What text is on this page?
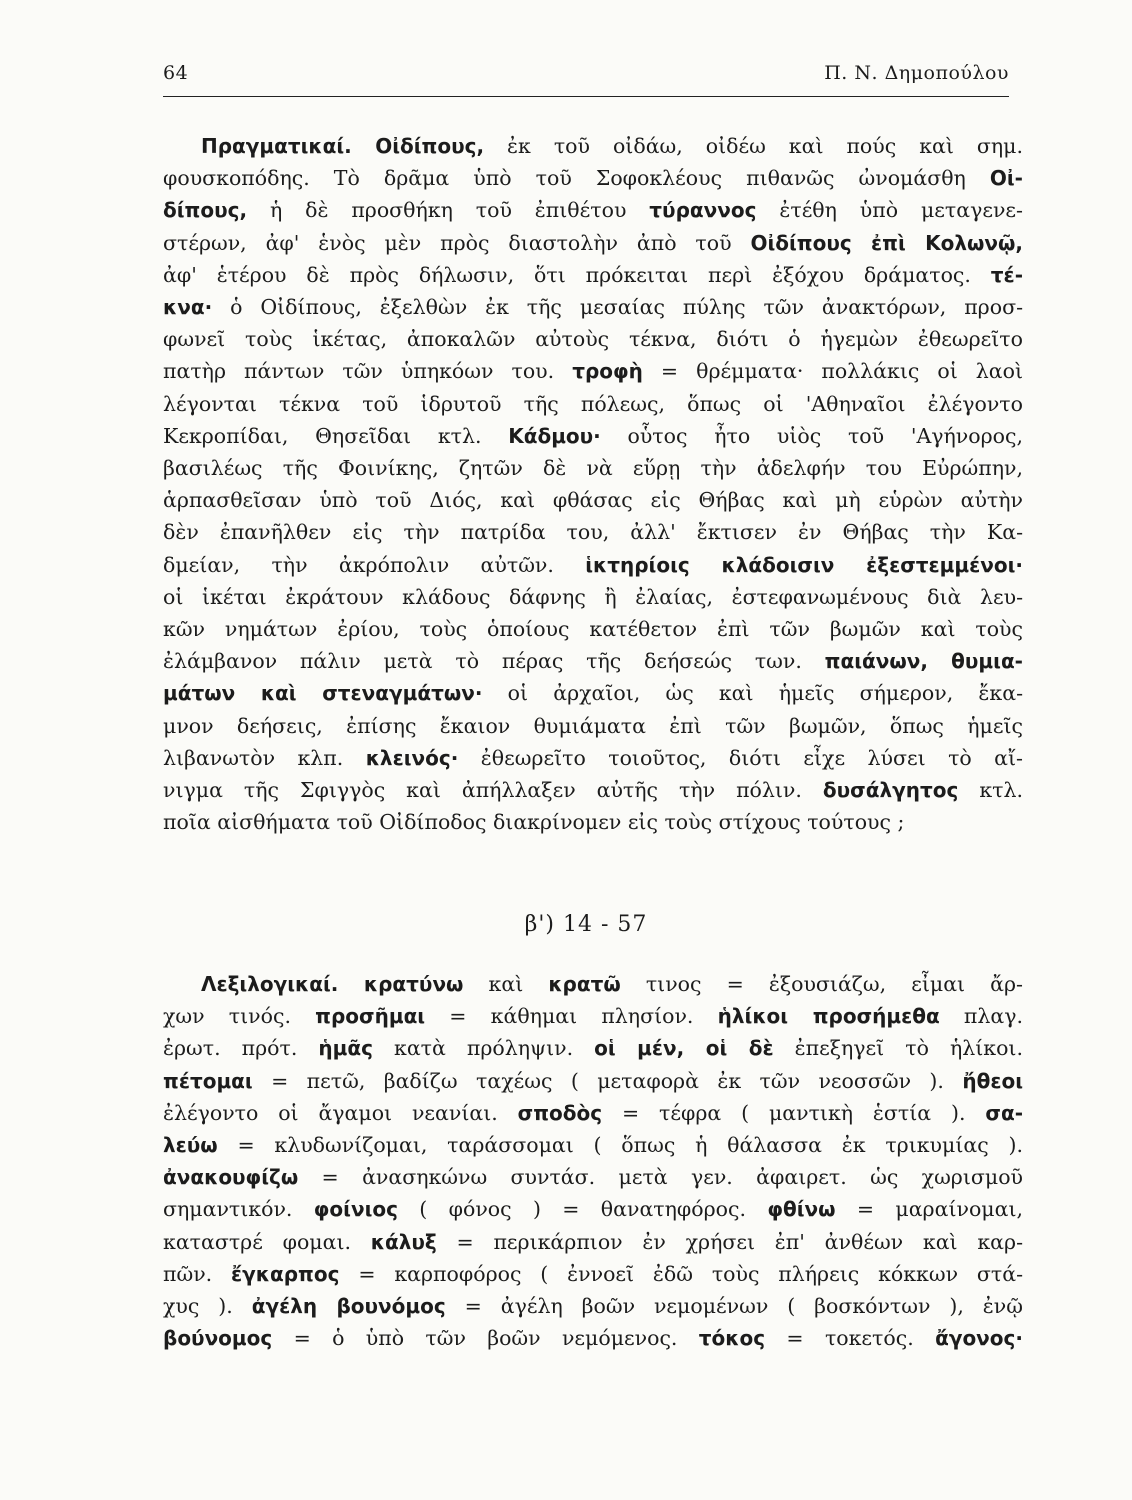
64	Π. Ν. Δημοπούλου
Πραγματικαί. Οἰδίπους, ἐκ τοῦ οἰδάω, οἰδέω καὶ πούς καὶ σημ.
φουσκοπόδης. Τὸ δρᾶμα ὑπὸ τοῦ Σοφοκλέους πιθανῶς ὠνομάσθη Οἰ-
δίπους, ἡ δὲ προσθήκη τοῦ ἐπιθέτου τύραννος ἐτέθη ὑπὸ μεταγενε-
στέρων, ἀφ' ἑνὸς μὲν πρὸς διαστολὴν ἀπὸ τοῦ Οἰδίπους ἐπὶ Κολωνῷ,
ἀφ' ἑτέρου δὲ πρὸς δήλωσιν, ὅτι πρόκειται περὶ ἐξόχου δράματος. τέ-
κνα· ὁ Οἰδίπους, ἐξελθὼν ἐκ τῆς μεσαίας πύλης τῶν ἀνακτόρων, προσ-
φωνεῖ τοὺς ἱκέτας, ἀποκαλῶν αὐτοὺς τέκνα, διότι ὁ ἡγεμὼν ἐθεωρεῖτο
πατὴρ πάντων τῶν ὑπηκόων του. τροφὴ = θρέμματα· πολλάκις οἱ λαοὶ
λέγονται τέκνα τοῦ ἱδρυτοῦ τῆς πόλεως, ὅπως οἱ 'Αθηναῖοι ἐλέγοντο
Κεκροπίδαι, Θησεῖδαι κτλ. Κάδμου· οὗτος ἦτο υἱὸς τοῦ 'Αγήνορος,
βασιλέως τῆς Φοινίκης, ζητῶν δὲ νὰ εὕρῃ τὴν ἀδελφήν του Εὐρώπην,
ἁρπασθεῖσαν ὑπὸ τοῦ Διός, καὶ φθάσας εἰς Θήβας καὶ μὴ εὑρὼν αὐτὴν
δὲν ἐπανῆλθεν εἰς τὴν πατρίδα του, ἀλλ' ἔκτισεν ἐν Θήβας τὴν Κα-
δμείαν, τὴν ἀκρόπολιν αὐτῶν. ἱκτηρίοις κλάδοισιν ἐξεστεμμένοι·
οἱ ἱκέται ἐκράτουν κλάδους δάφνης ἢ ἐλαίας, ἐστεφανωμένους διὰ λευ-
κῶν νημάτων ἐρίου, τοὺς ὁποίους κατέθετον ἐπὶ τῶν βωμῶν καὶ τοὺς
ἐλάμβανον πάλιν μετὰ τὸ πέρας τῆς δεήσεώς των. παιάνων, θυμια-
μάτων καὶ στεναγμάτων· οἱ ἀρχαῖοι, ὡς καὶ ἡμεῖς σήμερον, ἔκα-
μνον δεήσεις, ἐπίσης ἔκαιον θυμιάματα ἐπὶ τῶν βωμῶν, ὅπως ἡμεῖς
λιβανωτὸν κλπ. κλεινός· ἐθεωρεῖτο τοιοῦτος, διότι εἶχε λύσει τὸ αἴ-
νιγμα τῆς Σφιγγὸς καὶ ἀπήλλαξεν αὐτῆς τὴν πόλιν. δυσάλγητος κτλ.
ποῖα αἰσθήματα τοῦ Οἰδίποδος διακρίνομεν εἰς τοὺς στίχους τούτους ;
β') 14 - 57
Λεξιλογικαί. κρατύνω καὶ κρατῶ τινος = ἐξουσιάζω, εἶμαι ἄρ-
χων τινός. προσῆμαι = κάθημαι πλησίον. ἡλίκοι προσήμεθα πλαγ.
ἐρωτ. πρότ. ἡμᾶς κατὰ πρόληψιν. οἱ μέν, οἱ δὲ ἐπεξηγεῖ τὸ ἡλίκοι.
πέτομαι = πετῶ, βαδίζω ταχέως ( μεταφορὰ ἐκ τῶν νεοσσῶν ). ἤθεοι
ἐλέγοντο οἱ ἄγαμοι νεανίαι. σποδὸς = τέφρα ( μαντικὴ ἑστία ). σα-
λεύω = κλυδωνίζομαι, ταράσσομαι ( ὅπως ἡ θάλασσα ἐκ τρικυμίας ).
ἀνακουφίζω = ἀνασηκώνω συντάσ. μετὰ γεν. ἀφαιρετ. ὡς χωρισμοῦ
σημαντικόν. φοίνιος ( φόνος ) = θανατηφόρος. φθίνω = μαραίνομαι,
καταστρέ φομαι. κάλυξ = περικάρπιον ἐν χρήσει ἐπ' ἀνθέων καὶ καρ-
πῶν. ἔγκαρπος = καρποφόρος ( ἐννοεῖ ἐδῶ τοὺς πλήρεις κόκκων στά-
χυς ). ἀγέλη βουνόμος = ἀγέλη βοῶν νεμομένων ( βοσκόντων ), ἐνῷ
βούνομος = ὁ ὑπὸ τῶν βοῶν νεμόμενος. τόκος = τοκετός. ἄγονος·
